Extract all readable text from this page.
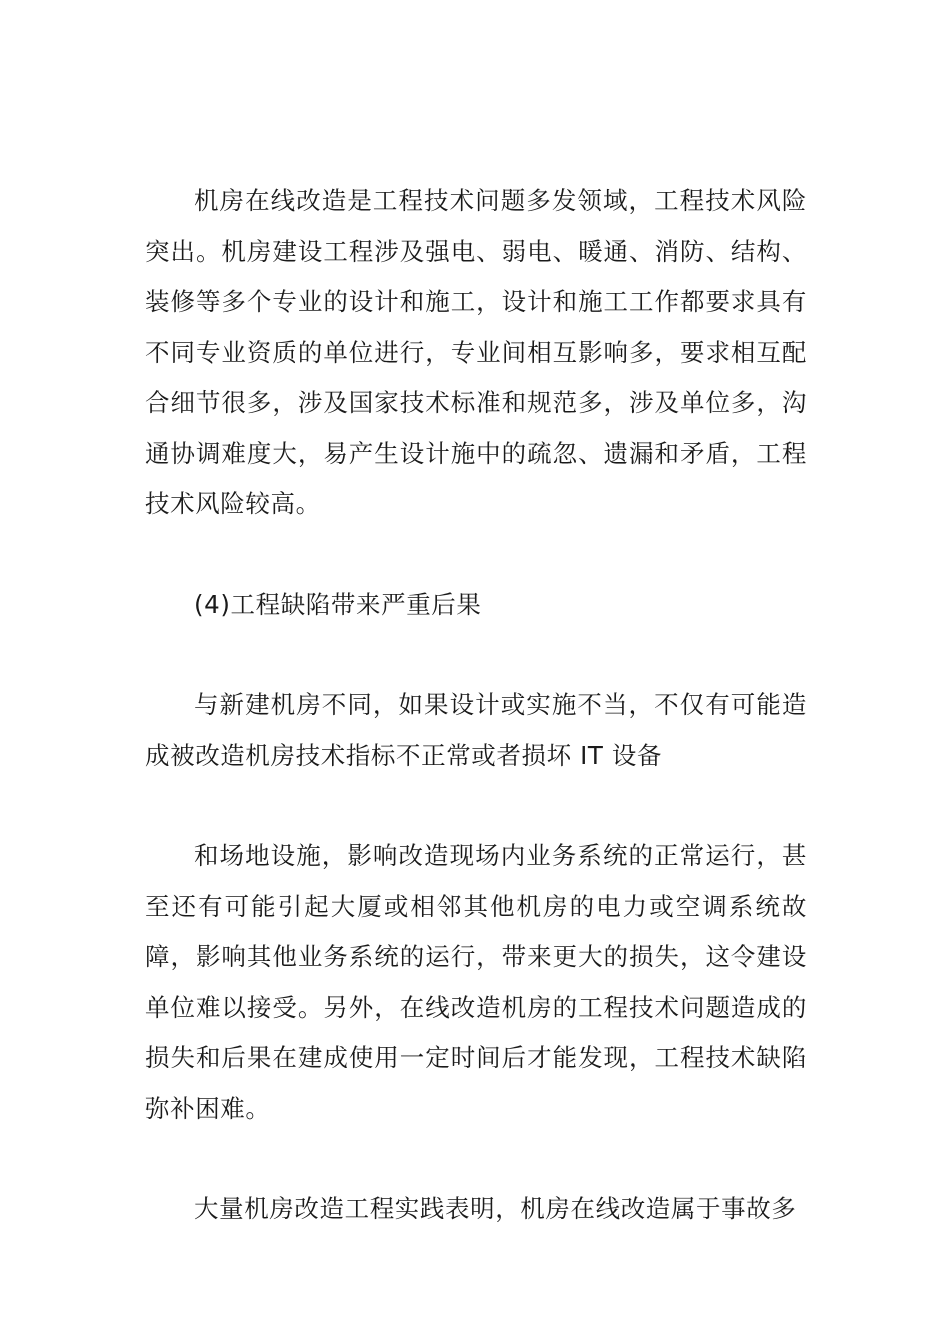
机房在线改造是工程技术问题多发领域，工程技术风险突出。机房建设工程涉及强电、弱电、暖通、消防、结构、装修等多个专业的设计和施工，设计和施工工作都要求具有不同专业资质的单位进行，专业间相互影响多，要求相互配合细节很多，涉及国家技术标准和规范多，涉及单位多，沟通协调难度大，易产生设计施中的疏忽、遗漏和矛盾，工程技术风险较高。

(4)工程缺陷带来严重后果

与新建机房不同，如果设计或实施不当，不仅有可能造成被改造机房技术指标不正常或者损坏 IT 设备

和场地设施，影响改造现场内业务系统的正常运行，甚至还有可能引起大厦或相邻其他机房的电力或空调系统故障，影响其他业务系统的运行，带来更大的损失，这令建设单位难以接受。另外，在线改造机房的工程技术问题造成的损失和后果在建成使用一定时间后才能发现，工程技术缺陷弥补困难。

大量机房改造工程实践表明，机房在线改造属于事故多
